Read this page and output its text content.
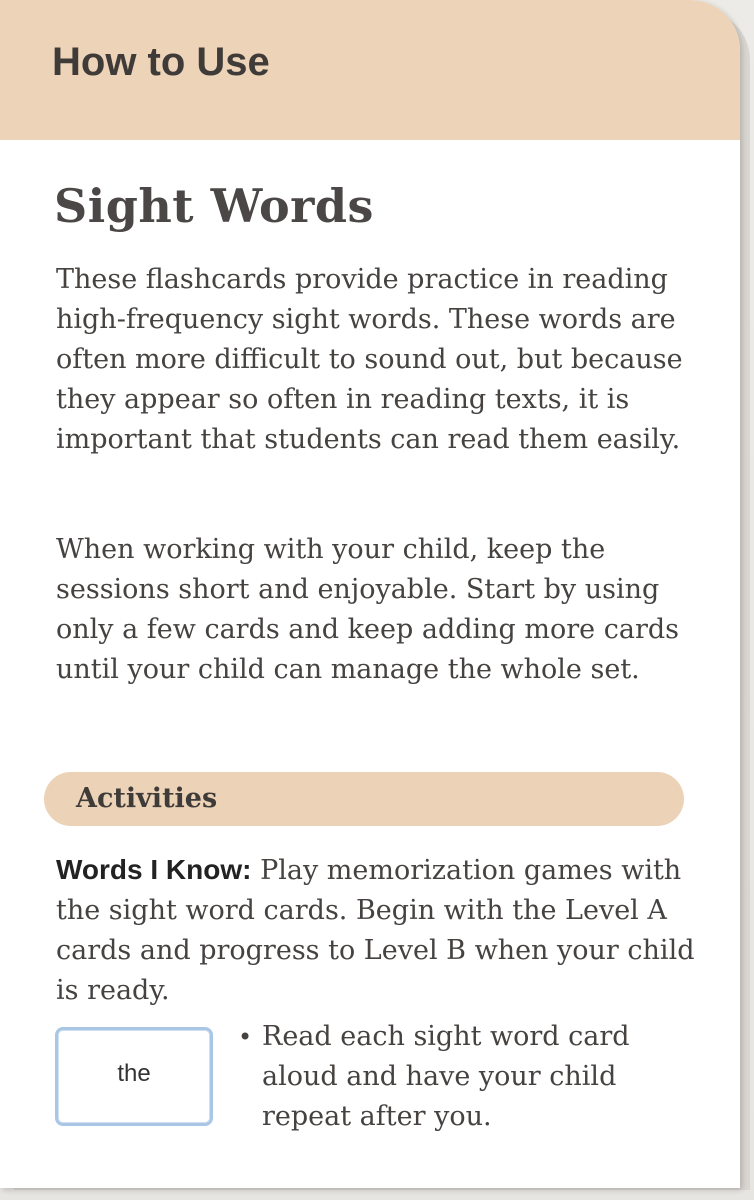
How to Use
Sight Words

These flashcards provide practice in reading high-frequency sight words. These words are often more difficult to sound out, but because they appear so often in reading texts, it is important that students can read them easily.

When working with your child, keep the sessions short and enjoyable. Start by using only a few cards and keep adding more cards until your child can manage the whole set.

Activities

Words I Know: Play memorization games with the sight word cards. Begin with the Level A cards and progress to Level B when your child is ready.

the
• Read each sight word card aloud and have your child repeat after you.
